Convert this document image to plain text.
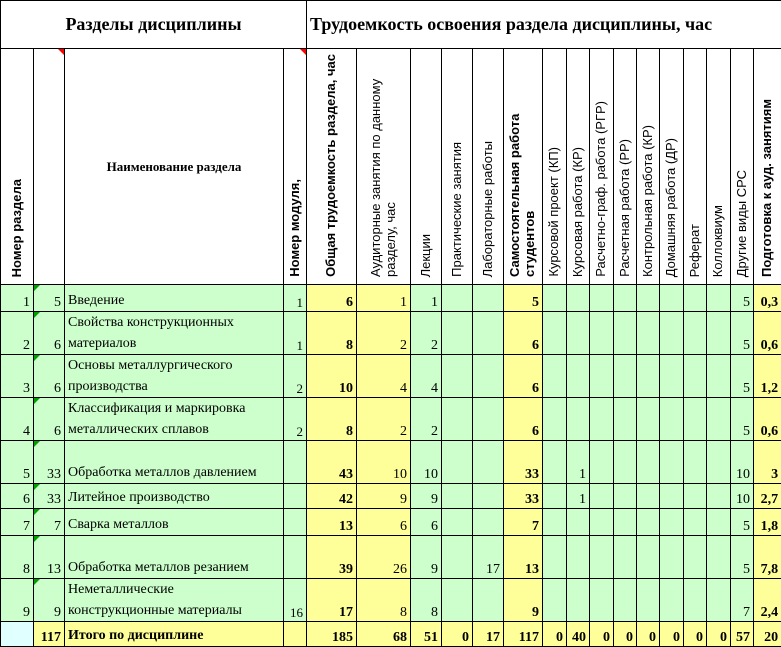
Разделы дисциплины				Трудоемкость освоения раздела дисциплины, час															
Номер раздела		Наименование раздела	Номер модуля,	Общая трудоемкость раздела, час	Аудиторные занятия по данному разделу, час	Лекции	Практические занятия	Лабораторные работы	Самостоятельная работа студентов	Курсовой проект (КП)	Курсовая работа (КР)	Расчетно-граф. работа (РГР)	Расчетная работа (РР)	Контрольная работа (КР)	Домашняя работа (ДР)	Реферат	Коллоквиум	Другие виды СРС	Подготовка к ауд. занятиям
1	5	Введение	1	6	1	1			5									5	0,3
2	6	Свойства конструкционных материалов	1	8	2	2			6									5	0,6
3	6	Основы металлургического производства	2	10	4	4			6									5	1,2
4	6	Классификация и маркировка металлических сплавов	2	8	2	2			6									5	0,6
5	33	Обработка металлов давлением		43	10	10			33		1							10	3
6	33	Литейное производство		42	9	9			33		1							10	2,7
7	7	Сварка металлов		13	6	6			7									5	1,8
8	13	Обработка металлов резанием		39	26	9		17	13									5	7,8
9	9	Неметаллические конструкционные материалы	16	17	8	8			9									7	2,4
	117	Итого по дисциплине		185	68	51	0	17	117	0	40	0	0	0	0	0	0	57	20
